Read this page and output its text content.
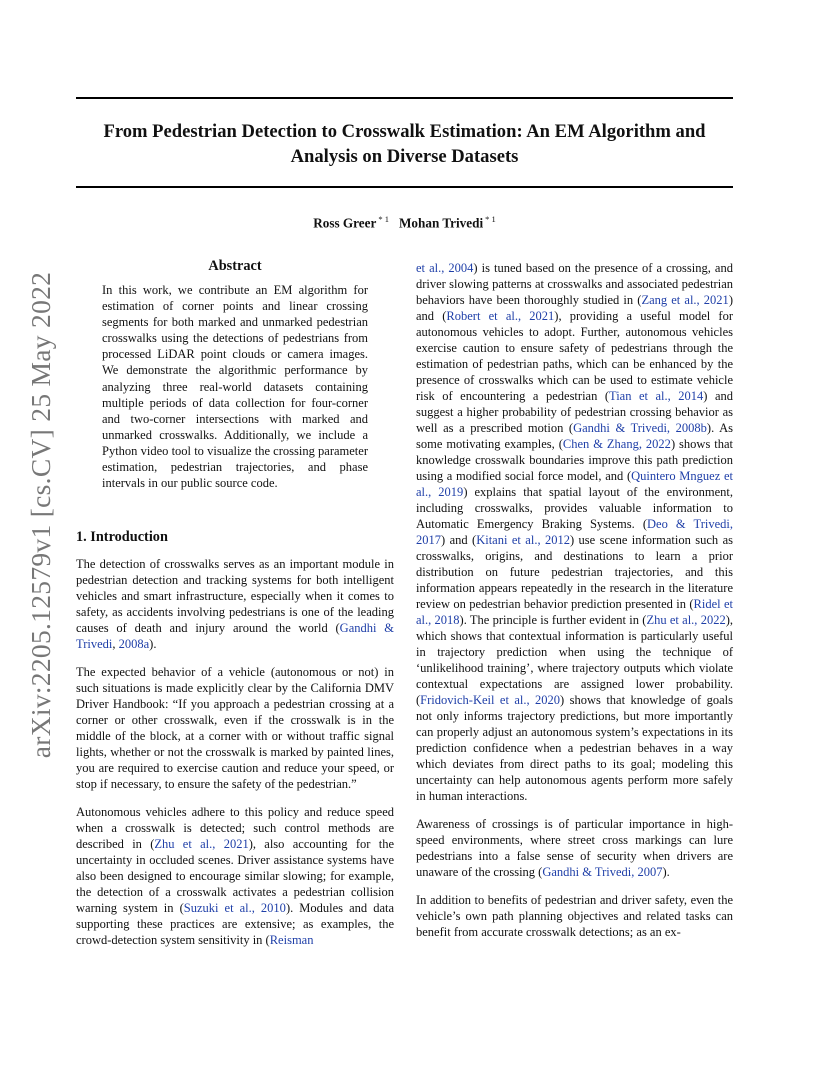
From Pedestrian Detection to Crosswalk Estimation: An EM Algorithm and Analysis on Diverse Datasets
Ross Greer $^{* 1}$ Mohan Trivedi $^{* 1}$
arXiv:2205.12579v1 [cs.CV] 25 May 2022
Abstract
In this work, we contribute an EM algorithm for estimation of corner points and linear crossing segments for both marked and unmarked pedestrian crosswalks using the detections of pedestrians from processed LiDAR point clouds or camera images. We demonstrate the algorithmic performance by analyzing three real-world datasets containing multiple periods of data collection for four-corner and two-corner intersections with marked and unmarked crosswalks. Additionally, we include a Python video tool to visualize the crossing parameter estimation, pedestrian trajectories, and phase intervals in our public source code.
1. Introduction

The detection of crosswalks serves as an important module in pedestrian detection and tracking systems for both intelligent vehicles and smart infrastructure, especially when it comes to safety, as accidents involving pedestrians is one of the leading causes of death and injury around the world (Gandhi & Trivedi, 2008a).

The expected behavior of a vehicle (autonomous or not) in such situations is made explicitly clear by the California DMV Driver Handbook: “If you approach a pedestrian crossing at a corner or other crosswalk, even if the crosswalk is in the middle of the block, at a corner with or without traffic signal lights, whether or not the crosswalk is marked by painted lines, you are required to exercise caution and reduce your speed, or stop if necessary, to ensure the safety of the pedestrian.”

Autonomous vehicles adhere to this policy and reduce speed when a crosswalk is detected; such control methods are described in (Zhu et al., 2021), also accounting for the uncertainty in occluded scenes. Driver assistance systems have also been designed to encourage similar slowing; for example, the detection of a crosswalk activates a pedestrian collision warning system in (Suzuki et al., 2010). Modules and data supporting these practices are extensive; as examples, the crowd-detection system sensitivity in (Reisman

et al., 2004) is tuned based on the presence of a crossing, and driver slowing patterns at crosswalks and associated pedestrian behaviors have been thoroughly studied in (Zang et al., 2021) and (Robert et al., 2021), providing a useful model for autonomous vehicles to adopt. Further, autonomous vehicles exercise caution to ensure safety of pedestrians through the estimation of pedestrian paths, which can be enhanced by the presence of crosswalks which can be used to estimate vehicle risk of encountering a pedestrian (Tian et al., 2014) and suggest a higher probability of pedestrian crossing behavior as well as a prescribed motion (Gandhi & Trivedi, 2008b). As some motivating examples, (Chen & Zhang, 2022) shows that knowledge crosswalk boundaries improve this path prediction using a modified social force model, and (Quintero Mnguez et al., 2019) explains that spatial layout of the environment, including crosswalks, provides valuable information to Automatic Emergency Braking Systems. (Deo & Trivedi, 2017) and (Kitani et al., 2012) use scene information such as crosswalks, origins, and destinations to learn a prior distribution on future pedestrian trajectories, and this information appears repeatedly in the research in the literature review on pedestrian behavior prediction presented in (Ridel et al., 2018). The principle is further evident in (Zhu et al., 2022), which shows that contextual information is particularly useful in trajectory prediction when using the technique of ‘unlikelihood training’, where trajectory outputs which violate contextual expectations are assigned lower probability. (Fridovich-Keil et al., 2020) shows that knowledge of goals not only informs trajectory predictions, but more importantly can properly adjust an autonomous system’s expectations in its prediction confidence when a pedestrian behaves in a way which deviates from direct paths to its goal; modeling this uncertainty can help autonomous agents perform more safely in human interactions.

Awareness of crossings is of particular importance in high-speed environments, where street cross markings can lure pedestrians into a false sense of security when drivers are unaware of the crossing (Gandhi & Trivedi, 2007).

In addition to benefits of pedestrian and driver safety, even the vehicle’s own path planning objectives and related tasks can benefit from accurate crosswalk detections; as an ex-
